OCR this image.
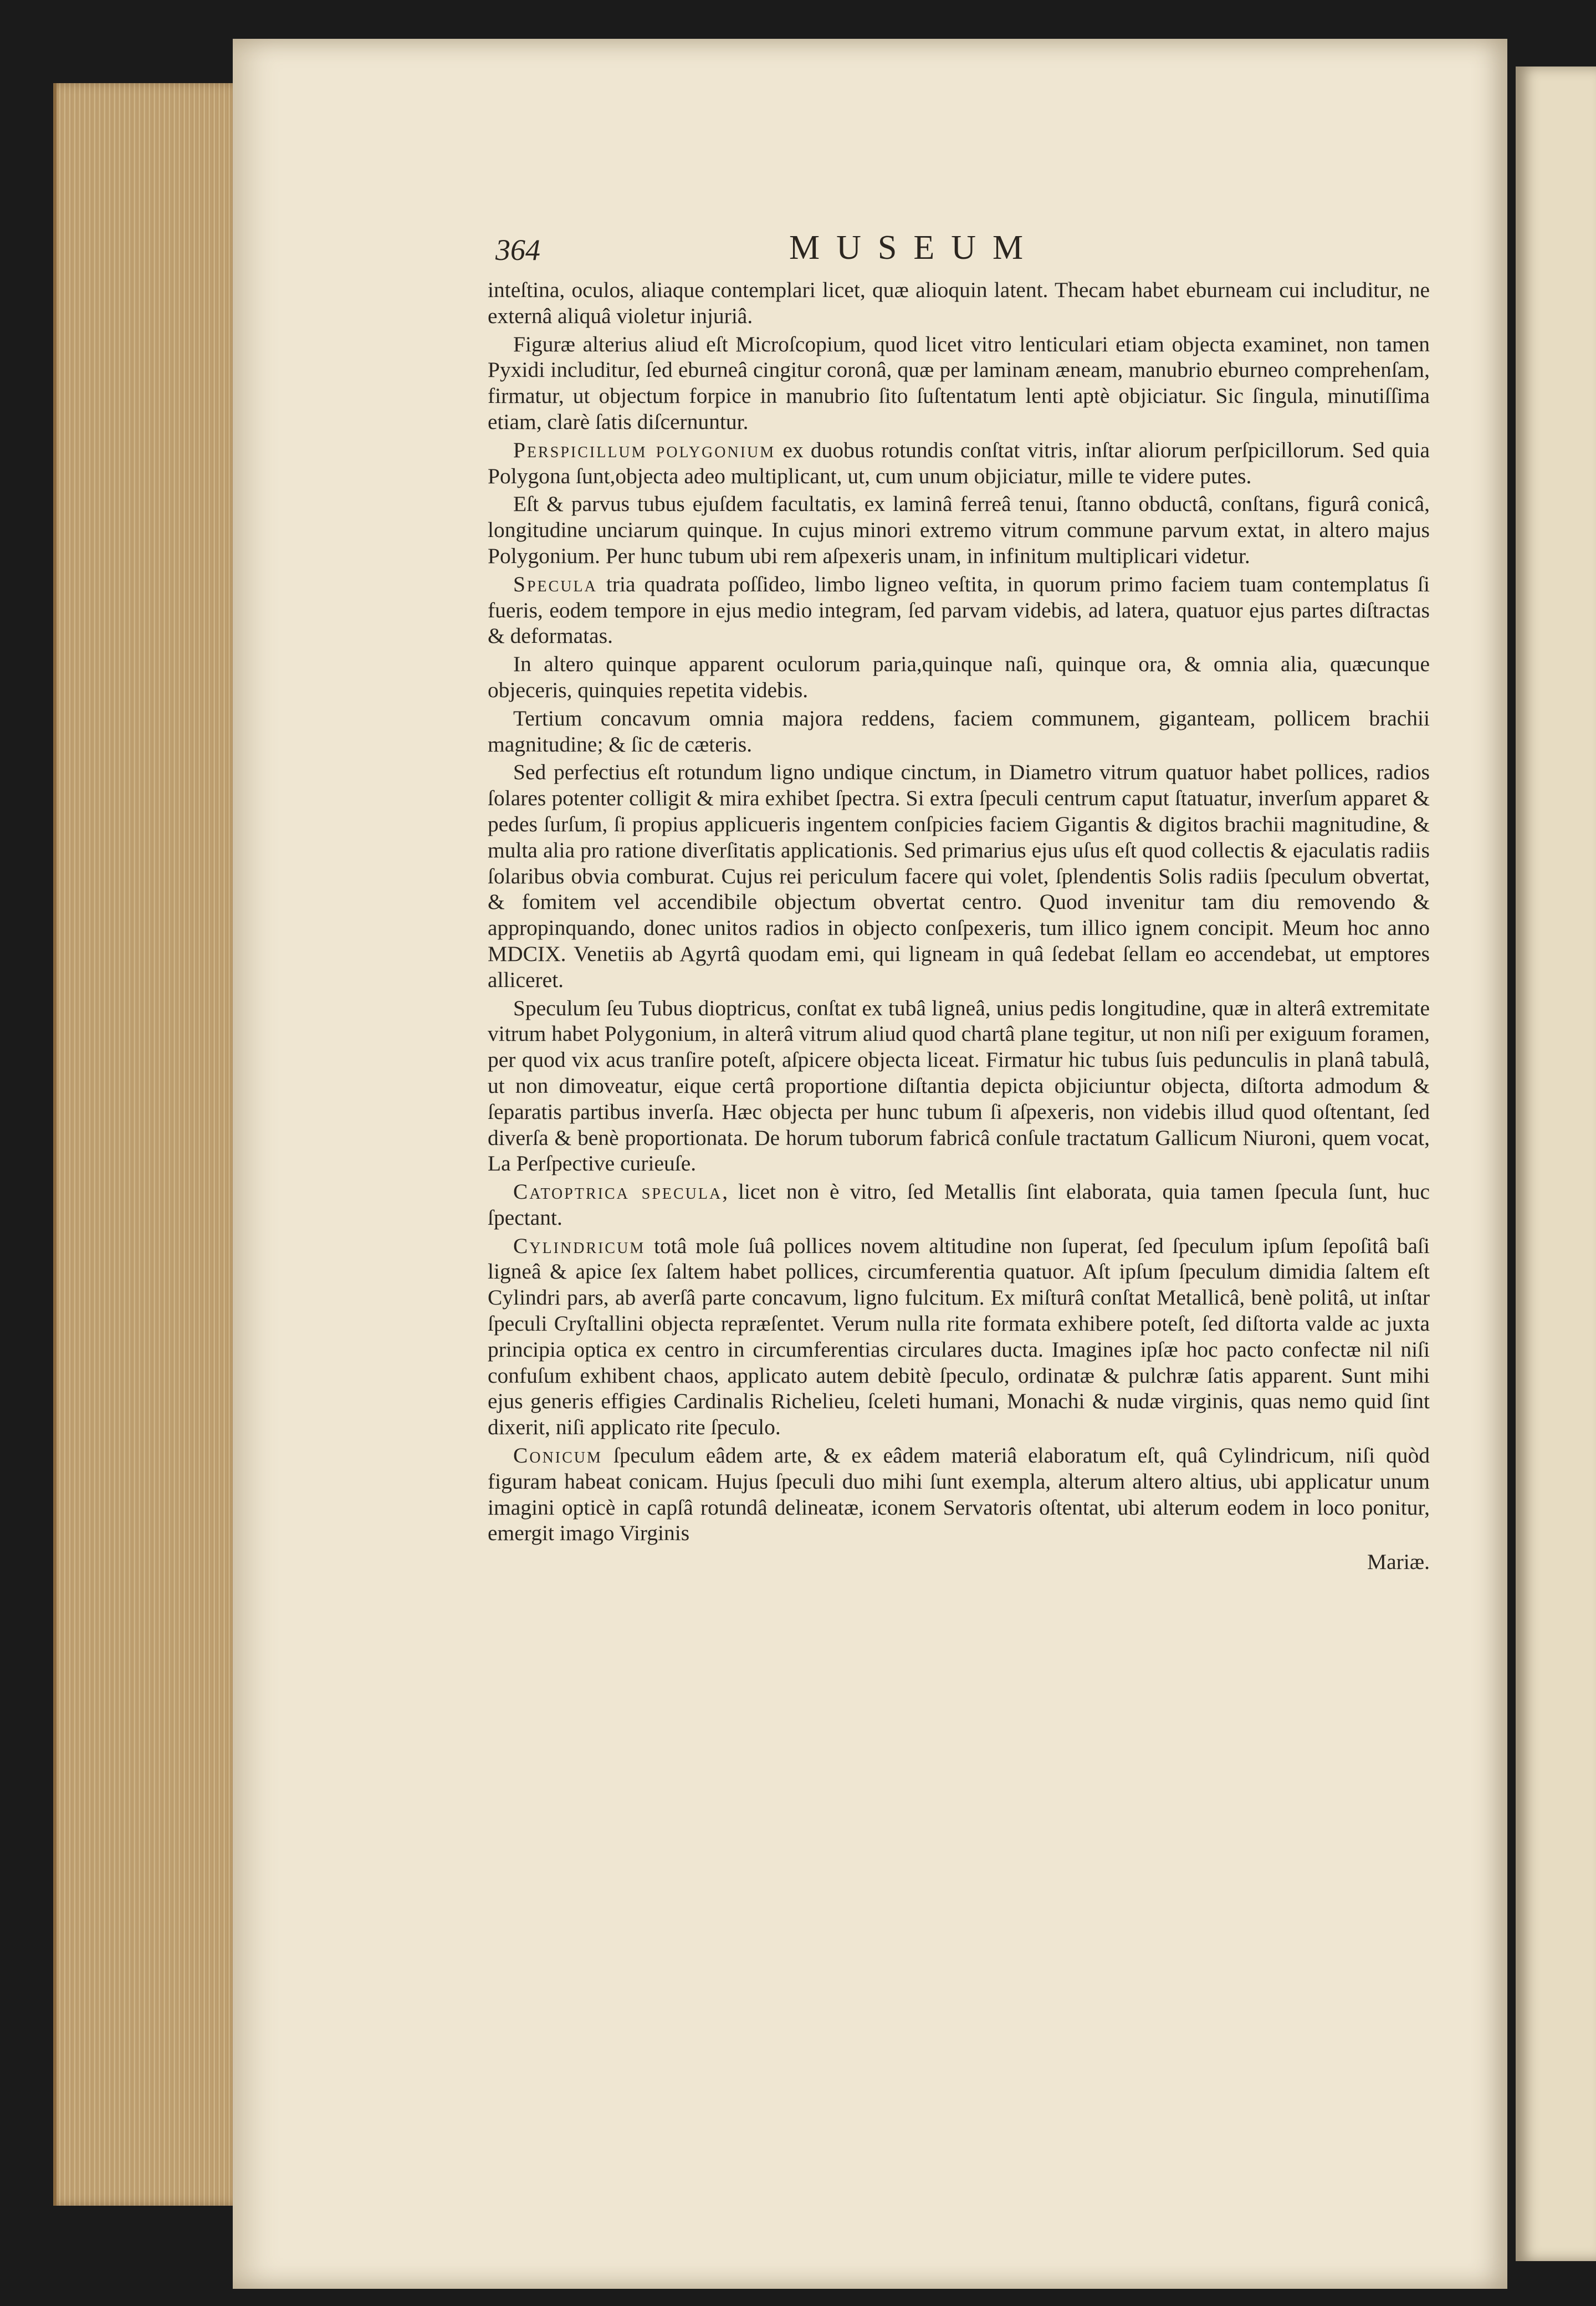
364	MUSEUM

inteſtina, oculos, aliaque contemplari licet, quæ alioquin latent. Thecam habet eburneam cui includitur, ne externâ aliquâ violetur injuriâ.

Figuræ alterius aliud eſt Microſcopium, quod licet vitro lenticulari etiam objecta examinet, non tamen Pyxidi includitur, ſed eburneâ cingitur coronâ, quæ per laminam æneam, manubrio eburneo comprehenſam, firmatur, ut objectum forpice in manubrio ſito ſuſtentatum lenti aptè objiciatur. Sic ſingula, minutiſſima etiam, clarè ſatis diſcernuntur.

Perspicillum polygonium ex duobus rotundis conſtat vitris, inſtar aliorum perſpicillorum. Sed quia Polygona ſunt,objecta adeo multiplicant, ut, cum unum objiciatur, mille te videre putes.

Eſt & parvus tubus ejuſdem facultatis, ex laminâ ferreâ tenui, ſtanno obductâ, conſtans, figurâ conicâ, longitudine unciarum quinque. In cujus minori extremo vitrum commune parvum extat, in altero majus Polygonium. Per hunc tubum ubi rem aſpexeris unam, in infinitum multiplicari videtur.

Specula tria quadrata poſſideo, limbo ligneo veſtita, in quorum primo faciem tuam contemplatus ſi fueris, eodem tempore in ejus medio integram, ſed parvam videbis, ad latera, quatuor ejus partes diſtractas & deformatas.

In altero quinque apparent oculorum paria,quinque naſi, quinque ora, & omnia alia, quæcunque objeceris, quinquies repetita videbis.

Tertium concavum omnia majora reddens, faciem communem, giganteam, pollicem brachii magnitudine; & ſic de cæteris.

Sed perfectius eſt rotundum ligno undique cinctum, in Diametro vitrum quatuor habet pollices, radios ſolares potenter colligit & mira exhibet ſpectra. Si extra ſpeculi centrum caput ſtatuatur, inverſum apparet & pedes ſurſum, ſi propius applicueris ingentem conſpicies faciem Gigantis & digitos brachii magnitudine, & multa alia pro ratione diverſitatis applicationis. Sed primarius ejus uſus eſt quod collectis & ejaculatis radiis ſolaribus obvia comburat. Cujus rei periculum facere qui volet, ſplendentis Solis radiis ſpeculum obvertat, & fomitem vel accendibile objectum obvertat centro. Quod invenitur tam diu removendo & appropinquando, donec unitos radios in objecto conſpexeris, tum illico ignem concipit. Meum hoc anno MDCIX. Venetiis ab Agyrtâ quodam emi, qui ligneam in quâ ſedebat ſellam eo accendebat, ut emptores alliceret.

Speculum ſeu Tubus dioptricus, conſtat ex tubâ ligneâ, unius pedis longitudine, quæ in alterâ extremitate vitrum habet Polygonium, in alterâ vitrum aliud quod chartâ plane tegitur, ut non niſi per exiguum foramen, per quod vix acus tranſire poteſt, aſpicere objecta liceat. Firmatur hic tubus ſuis pedunculis in planâ tabulâ, ut non dimoveatur, eique certâ proportione diſtantia depicta objiciuntur objecta, diſtorta admodum & ſeparatis partibus inverſa. Hæc objecta per hunc tubum ſi aſpexeris, non videbis illud quod oſtentant, ſed diverſa & benè proportionata. De horum tuborum fabricâ conſule tractatum Gallicum Niuroni, quem vocat, La Perſpective curieuſe.

Catoptrica specula, licet non è vitro, ſed Metallis ſint elaborata, quia tamen ſpecula ſunt, huc ſpectant.

Cylindricum totâ mole ſuâ pollices novem altitudine non ſuperat, ſed ſpeculum ipſum ſepoſitâ baſi ligneâ & apice ſex ſaltem habet pollices, circumferentia quatuor. Aſt ipſum ſpeculum dimidia ſaltem eſt Cylindri pars, ab averſâ parte concavum, ligno fulcitum. Ex miſturâ conſtat Metallicâ, benè politâ, ut inſtar ſpeculi Cryſtallini objecta repræſentet. Verum nulla rite formata exhibere poteſt, ſed diſtorta valde ac juxta principia optica ex centro in circumferentias circulares ducta. Imagines ipſæ hoc pacto confectæ nil niſi confuſum exhibent chaos, applicato autem debitè ſpeculo, ordinatæ & pulchræ ſatis apparent. Sunt mihi ejus generis effigies Cardinalis Richelieu, ſceleti humani, Monachi & nudæ virginis, quas nemo quid ſint dixerit, niſi applicato rite ſpeculo.

Conicum ſpeculum eâdem arte, & ex eâdem materiâ elaboratum eſt, quâ Cylindricum, niſi quòd figuram habeat conicam. Hujus ſpeculi duo mihi ſunt exempla, alterum altero altius, ubi applicatur unum imagini opticè in capſâ rotundâ delineatæ, iconem Servatoris oſtentat, ubi alterum eodem in loco ponitur, emergit imago Virginis

Mariæ.
